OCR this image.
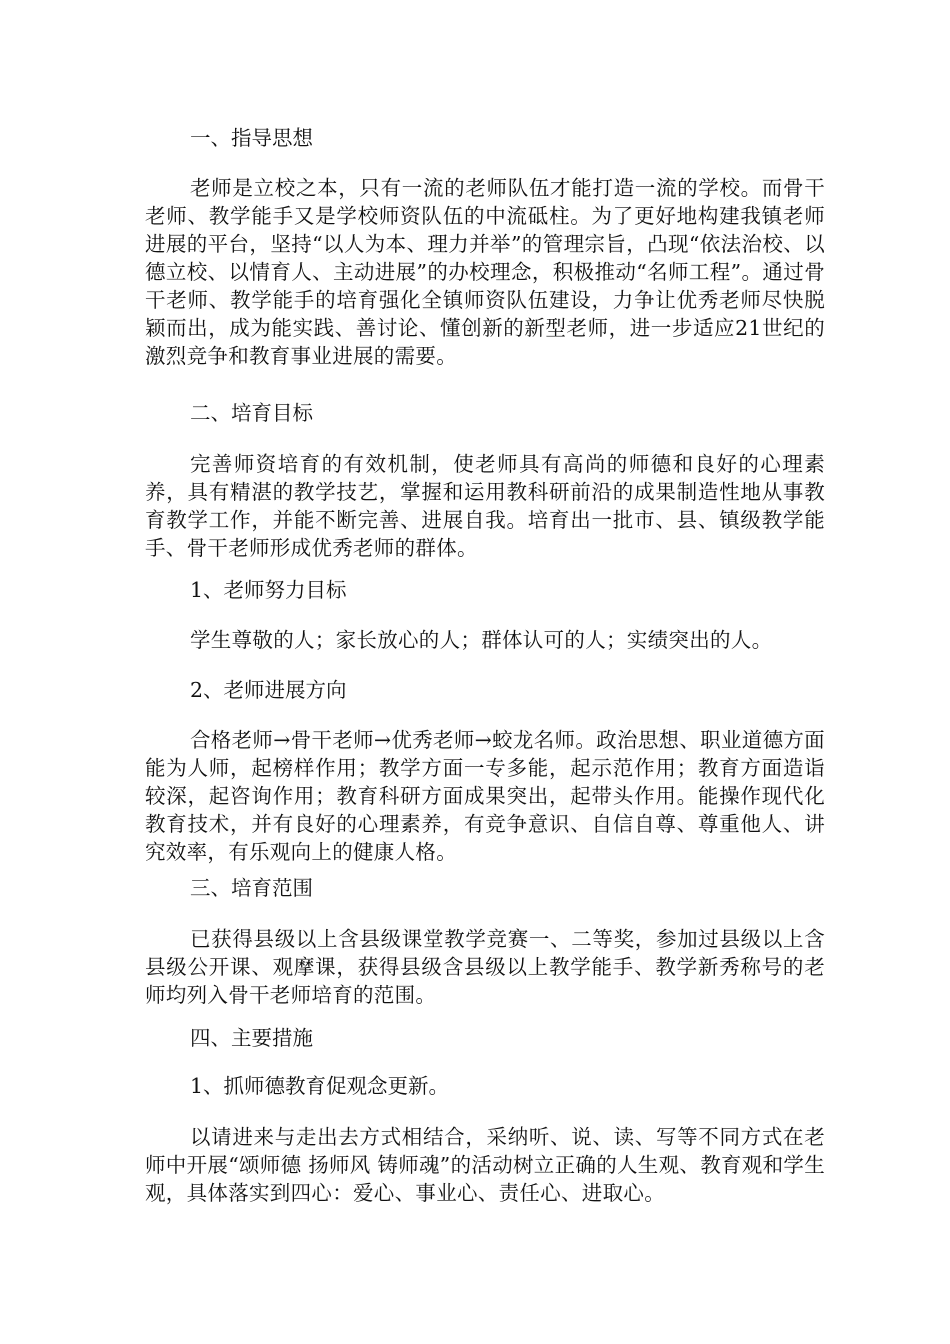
一、指导思想
老师是立校之本，只有一流的老师队伍才能打造一流的学校。而骨干老师、教学能手又是学校师资队伍的中流砥柱。为了更好地构建我镇老师进展的平台，坚持“以人为本、理力并举”的管理宗旨，凸现“依法治校、以德立校、以情育人、主动进展”的办校理念，积极推动“名师工程”。通过骨干老师、教学能手的培育强化全镇师资队伍建设，力争让优秀老师尽快脱颖而出，成为能实践、善讨论、懂创新的新型老师，进一步适应21世纪的激烈竞争和教育事业进展的需要。
二、培育目标
完善师资培育的有效机制，使老师具有高尚的师德和良好的心理素养，具有精湛的教学技艺，掌握和运用教科研前沿的成果制造性地从事教育教学工作，并能不断完善、进展自我。培育出一批市、县、镇级教学能手、骨干老师形成优秀老师的群体。
1、老师努力目标
学生尊敬的人；家长放心的人；群体认可的人；实绩突出的人。
2、老师进展方向
合格老师→骨干老师→优秀老师→蛟龙名师。政治思想、职业道德方面能为人师，起榜样作用；教学方面一专多能，起示范作用；教育方面造诣较深，起咨询作用；教育科研方面成果突出，起带头作用。能操作现代化教育技术，并有良好的心理素养，有竞争意识、自信自尊、尊重他人、讲究效率，有乐观向上的健康人格。
三、培育范围
已获得县级以上含县级课堂教学竞赛一、二等奖，参加过县级以上含县级公开课、观摩课，获得县级含县级以上教学能手、教学新秀称号的老师均列入骨干老师培育的范围。
四、主要措施
1、抓师德教育促观念更新。
以请进来与走出去方式相结合，采纳听、说、读、写等不同方式在老师中开展“颂师德 扬师风 铸师魂”的活动树立正确的人生观、教育观和学生观，具体落实到四心：爱心、事业心、责任心、进取心。
